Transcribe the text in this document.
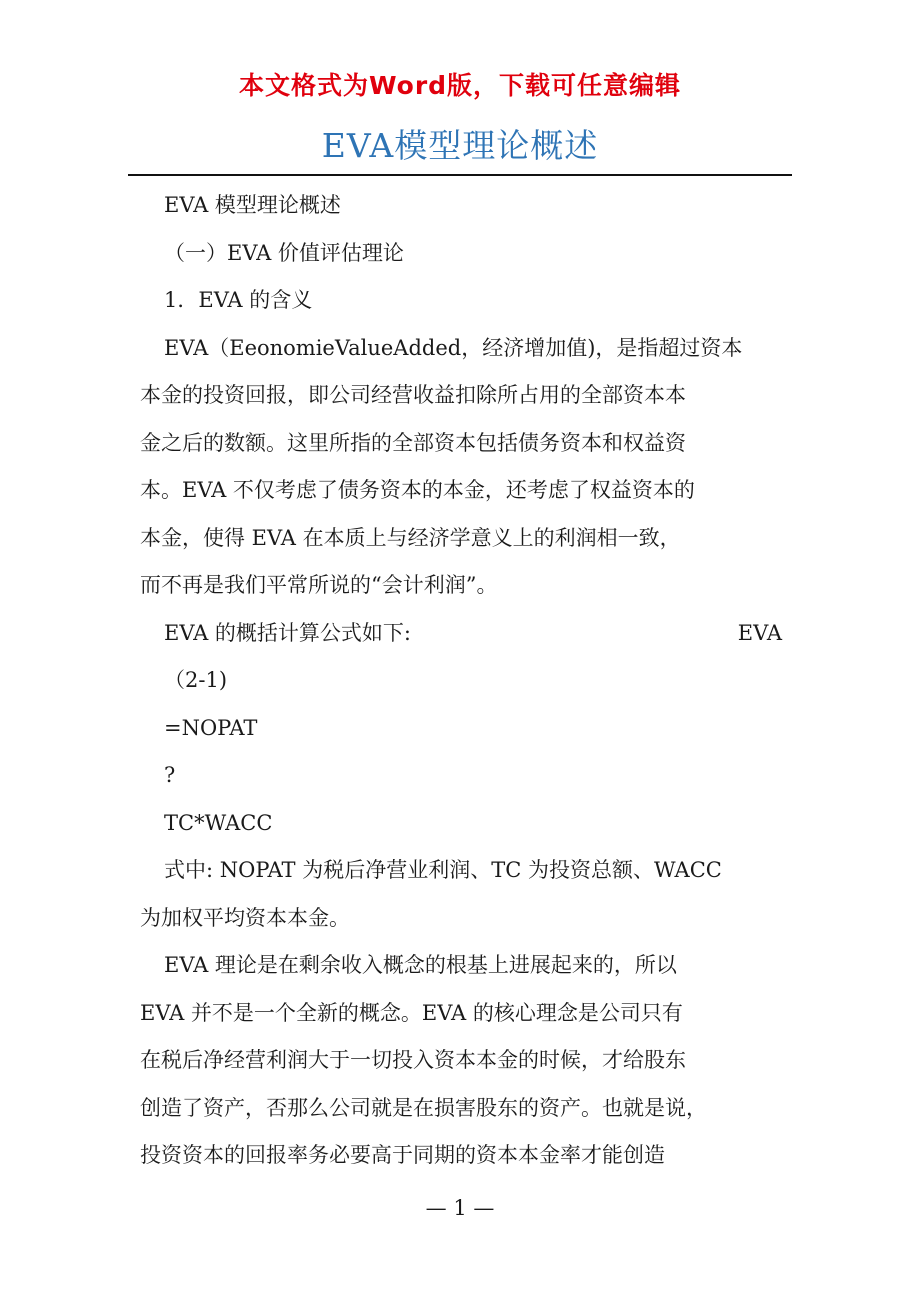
本文格式为Word版，下载可任意编辑
EVA模型理论概述
EVA 模型理论概述
（一）EVA 价值评估理论
1．EVA 的含义
EVA（EeonomieValueAdded，经济增加值)，是指超过资本
本金的投资回报，即公司经营收益扣除所占用的全部资本本
金之后的数额。这里所指的全部资本包括债务资本和权益资
本。EVA 不仅考虑了债务资本的本金，还考虑了权益资本的
本金，使得 EVA 在本质上与经济学意义上的利润相一致，
而不再是我们平常所说的“会计利润”。
EVA 的概括计算公式如下:	EVA
（2-1)
=NOPAT
?
TC*WACC
式中: NOPAT 为税后净营业利润、TC 为投资总额、WACC
为加权平均资本本金。
EVA 理论是在剩余收入概念的根基上进展起来的，所以
EVA 并不是一个全新的概念。EVA 的核心理念是公司只有
在税后净经营利润大于一切投入资本本金的时候，才给股东
创造了资产，否那么公司就是在损害股东的资产。也就是说，
投资资本的回报率务必要高于同期的资本本金率才能创造
— 1 —
